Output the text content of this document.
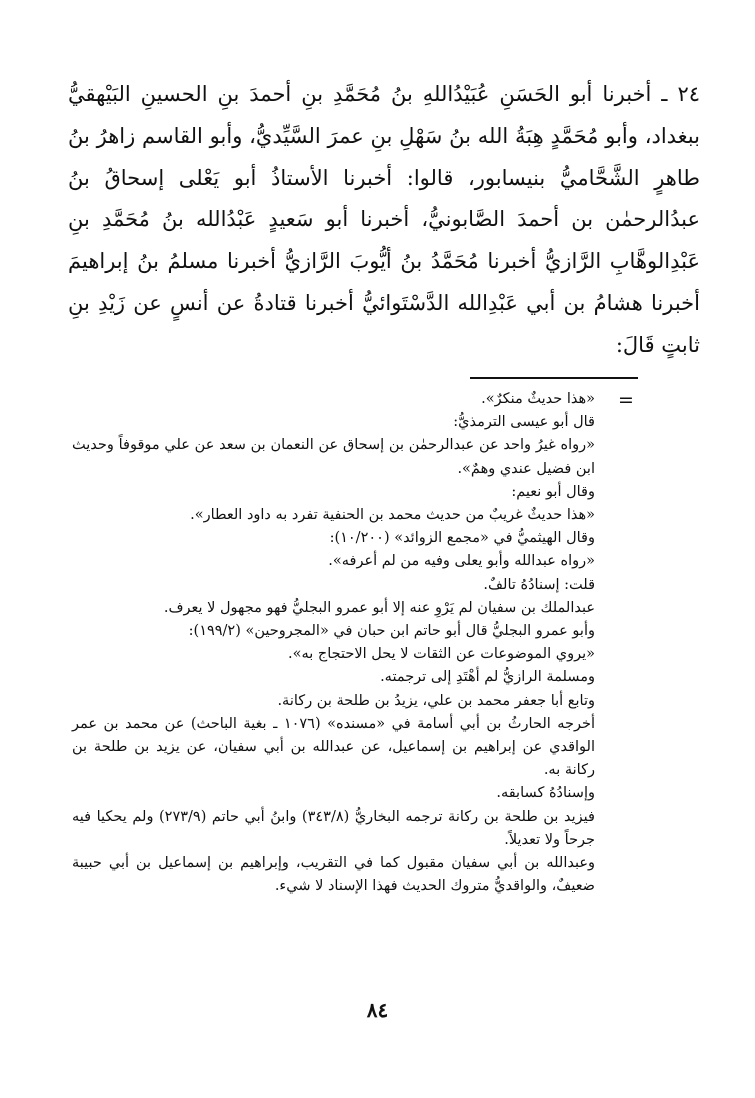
٢٤ ـ أخبرنا أبو الحَسَنِ عُبَيْدُاللهِ بنُ مُحَمَّدِ بنِ أحمدَ بنِ الحسينِ البَيْهقيُّ ببغداد، وأبو مُحَمَّدٍ هِبَةُ الله بنُ سَهْلِ بنِ عمرَ السَّيِّديُّ، وأبو القاسم زاهرُ بنُ طاهرٍ الشَّحَّاميُّ بنيسابور، قالوا: أخبرنا الأستاذُ أبو يَعْلى إسحاقُ بنُ عبدُالرحمٰن بن أحمدَ الصَّابونيُّ، أخبرنا أبو سَعيدٍ عَبْدُالله بنُ مُحَمَّدِ بنِ عَبْدِالوهَّابِ الرَّازيُّ أخبرنا مُحَمَّدُ بنُ أيُّوبَ الرَّازيُّ أخبرنا مسلمُ بنُ إبراهيمَ أخبرنا هشامُ بن أبي عَبْدِالله الدَّسْتَوائيُّ أخبرنا قتادةُ عن أنسٍ عن زَيْدِ بنِ ثابتٍ قَالَ:

=

«هذا حديثٌ منكرٌ».

قال أبو عيسى الترمذيُّ:

«رواه غيرُ واحد عن عبدالرحمٰن بن إسحاق عن النعمان بن سعد عن علي موقوفاً وحديث ابن فضيل عندي وهمٌ».

وقال أبو نعيم:

«هذا حديثٌ غريبٌ من حديث محمد بن الحنفية تفرد به داود العطار».

وقال الهيثميُّ في «مجمع الزوائد» (١٠/٢٠٠):

«رواه عبدالله وأبو يعلى وفيه من لم أعرفه».

قلت: إسنادُهُ تالفٌ.

عبدالملك بن سفيان لم يَرْوِ عنه إلا أبو عمرو البجليُّ فهو مجهول لا يعرف.

وأبو عمرو البجليُّ قال أبو حاتم ابن حبان في «المجروحين» (١٩٩/٢):

«يروي الموضوعات عن الثقات لا يحل الاحتجاج به».

ومسلمة الرازيُّ لم أهْتَدِ إلى ترجمته.

وتابع أبا جعفر محمد بن علي، يزيدُ بن طلحة بن ركانة.

أخرجه الحارثُ بن أبي أسامة في «مسنده» (١٠٧٦ ـ بغية الباحث) عن محمد بن عمر الواقدي عن إبراهيم بن إسماعيل، عن عبدالله بن أبي سفيان، عن يزيد بن طلحة بن ركانة به.

وإسنادُهُ كسابقه.

فيزيد بن طلحة بن ركانة ترجمه البخاريُّ (٣٤٣/٨) وابنُ أبي حاتم (٢٧٣/٩) ولم يحكيا فيه جرحاً ولا تعديلاً.

وعبدالله بن أبي سفيان مقبول كما في التقريب، وإبراهيم بن إسماعيل بن أبي حبيبة ضعيفٌ، والواقديُّ متروك الحديث فهذا الإسناد لا شيء.

٨٤
